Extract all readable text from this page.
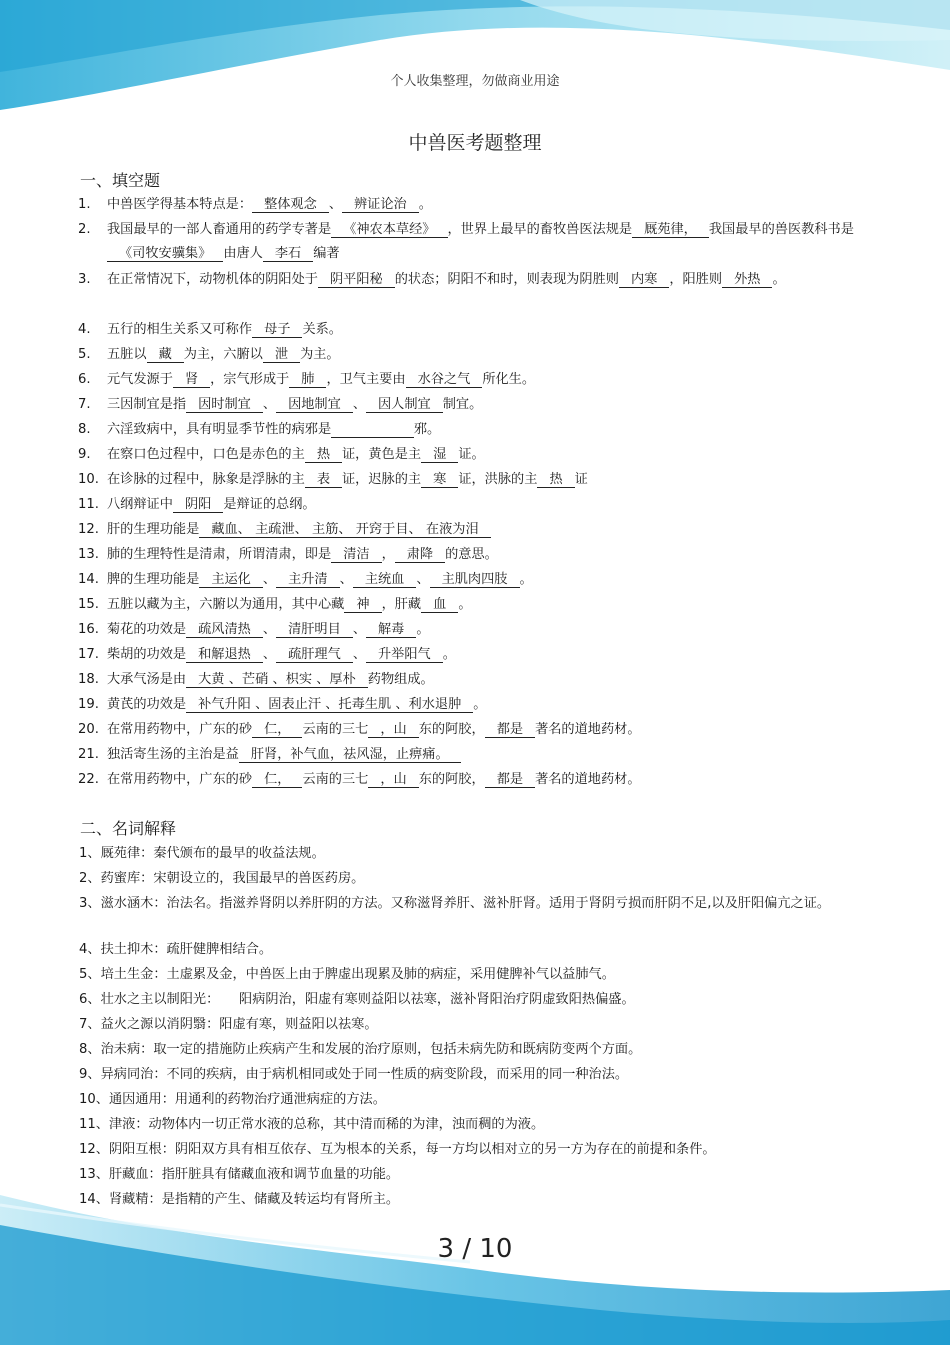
个人收集整理，勿做商业用途
中兽医考题整理
一、填空题
1.	中兽医学得基本特点是： 整体观念 、 辨证论治 。
2.	我国最早的一部人畜通用的药学专著是 《神农本草经》 ，世界上最早的畜牧兽医法规是 厩苑律， 我国最早的兽医教科书是《司牧安骥集》 由唐人 李石 编著
3.	在正常情况下，动物机体的阴阳处于 阴平阳秘 的状态；阴阳不和时，则表现为阴胜则 内寒 ，阳胜则 外热 。
4.	五行的相生关系又可称作 母子 关系。
5.	五脏以 藏 为主，六腑以 泄 为主。
6.	元气发源于 肾 ，宗气形成于 肺 ，卫气主要由 水谷之气 所化生。
7.	三因制宜是指 因时制宜 、 因地制宜 、 因人制宜 制宜。
8.	六淫致病中，具有明显季节性的病邪是	邪。
9.	在察口色过程中，口色是赤色的主 热 证，黄色是主 湿 证。
10. 在诊脉的过程中，脉象是浮脉的主 表 证，迟脉的主 寒 证，洪脉的主 热 证
11. 八纲辩证中 阴阳 是辩证的总纲。
12. 肝的生理功能是 藏血、 主疏泄、 主筋、 开窍于目、 在液为泪
13. 肺的生理特性是清肃，所谓清肃，即是 清洁 ， 肃降 的意思。
14. 脾的生理功能是 主运化 、 主升清 、 主统血 、 主肌肉四肢 。
15. 五脏以藏为主，六腑以为通用，其中心藏 神 ，肝藏 血 。
16. 菊花的功效是 疏风清热 、 清肝明目 、 解毒 。
17. 柴胡的功效是 和解退热 、 疏肝理气 、 升举阳气 。
18. 大承气汤是由 大黄 、芒硝 、枳实 、厚朴 药物组成。
19. 黄芪的功效是 补气升阳 、固表止汗 、托毒生肌 、利水退肿 。
20. 在常用药物中，广东的砂 仁， 云南的三七 ，山 东的阿胶， 都是 著名的道地药材。
21. 独活寄生汤的主治是益 肝肾，补气血，祛风湿，止痹痛。
22. 在常用药物中，广东的砂 仁， 云南的三七 ，山 东的阿胶， 都是 著名的道地药材。
二、名词解释
1、厩苑律：秦代颁布的最早的收益法规。
2、药蜜库：宋朝设立的，我国最早的兽医药房。
3、滋水涵木：治法名。指滋养肾阴以养肝阴的方法。又称滋肾养肝、滋补肝肾。适用于肾阴亏损而肝阴不足,以及肝阳偏亢之证。
4、扶土抑木：疏肝健脾相结合。
5、培土生金：土虚累及金，中兽医上由于脾虚出现累及肺的病症，采用健脾补气以益肺气。
6、壮水之主以制阳光：　　阳病阴治，阳虚有寒则益阳以祛寒，滋补肾阳治疗阴虚致阳热偏盛。
7、益火之源以消阴翳：阳虚有寒，则益阳以祛寒。
8、治未病：取一定的措施防止疾病产生和发展的治疗原则，包括未病先防和既病防变两个方面。
9、异病同治：不同的疾病，由于病机相同或处于同一性质的病变阶段，而采用的同一种治法。
10、通因通用：用通利的药物治疗通泄病症的方法。
11、津液：动物体内一切正常水液的总称，其中清而稀的为津，浊而稠的为液。
12、阴阳互根：阴阳双方具有相互依存、互为根本的关系，每一方均以相对立的另一方为存在的前提和条件。
13、肝藏血：指肝脏具有储藏血液和调节血量的功能。
14、肾藏精：是指精的产生、储藏及转运均有肾所主。
3 / 10
